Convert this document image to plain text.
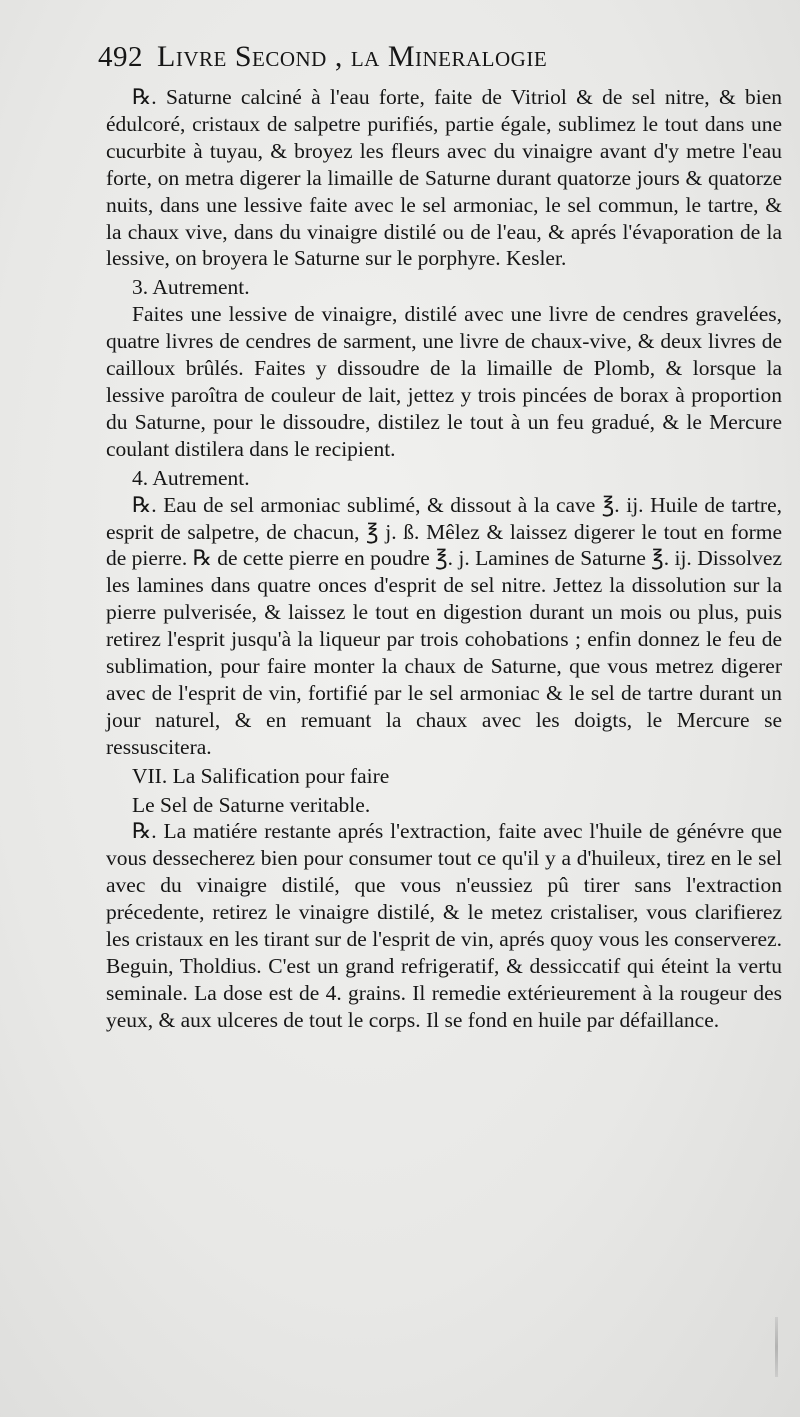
492 Livre Second , la Mineralogie

℞. Saturne calciné à l'eau forte, faite de Vitriol & de sel nitre, & bien édulcoré, cristaux de salpetre purifiés, partie égale, sublimez le tout dans une cucurbite à tuyau, & broyez les fleurs avec du vinaigre avant d'y metre l'eau forte, on metra digerer la limaille de Saturne durant quatorze jours & quatorze nuits, dans une lessive faite avec le sel armoniac, le sel commun, le tartre, & la chaux vive, dans du vinaigre distilé ou de l'eau, & aprés l'évaporation de la lessive, on broyera le Saturne sur le porphyre. Kesler.

3. Autrement.

Faites une lessive de vinaigre, distilé avec une livre de cendres gravelées, quatre livres de cendres de sarment, une livre de chaux-vive, & deux livres de cailloux brûlés. Faites y dissoudre de la limaille de Plomb, & lorsque la lessive paroîtra de couleur de lait, jettez y trois pincées de borax à proportion du Saturne, pour le dissoudre, distilez le tout à un feu gradué, & le Mercure coulant distilera dans le recipient.

4. Autrement.

℞. Eau de sel armoniac sublimé, & dissout à la cave ℥. ij. Huile de tartre, esprit de salpetre, de chacun, ℥ j. ß. Mêlez & laissez digerer le tout en forme de pierre. ℞ de cette pierre en poudre ℥. j. Lamines de Saturne ℥. ij. Dissolvez les lamines dans quatre onces d'esprit de sel nitre. Jettez la dissolution sur la pierre pulverisée, & laissez le tout en digestion durant un mois ou plus, puis retirez l'esprit jusqu'à la liqueur par trois cohobations ; enfin donnez le feu de sublimation, pour faire monter la chaux de Saturne, que vous metrez digerer avec de l'esprit de vin, fortifié par le sel armoniac & le sel de tartre durant un jour naturel, & en remuant la chaux avec les doigts, le Mercure se ressuscitera.

VII. La Salification pour faire

Le Sel de Saturne veritable.

℞. La matiére restante aprés l'extraction, faite avec l'huile de génévre que vous dessecherez bien pour consumer tout ce qu'il y a d'huileux, tirez en le sel avec du vinaigre distilé, que vous n'eussiez pû tirer sans l'extraction précedente, retirez le vinaigre distilé, & le metez cristaliser, vous clarifierez les cristaux en les tirant sur de l'esprit de vin, aprés quoy vous les conserverez. Beguin, Tholdius. C'est un grand refrigeratif, & dessiccatif qui éteint la vertu seminale. La dose est de 4. grains. Il remedie extérieurement à la rougeur des yeux, & aux ulceres de tout le corps. Il se fond en huile par défaillance.
